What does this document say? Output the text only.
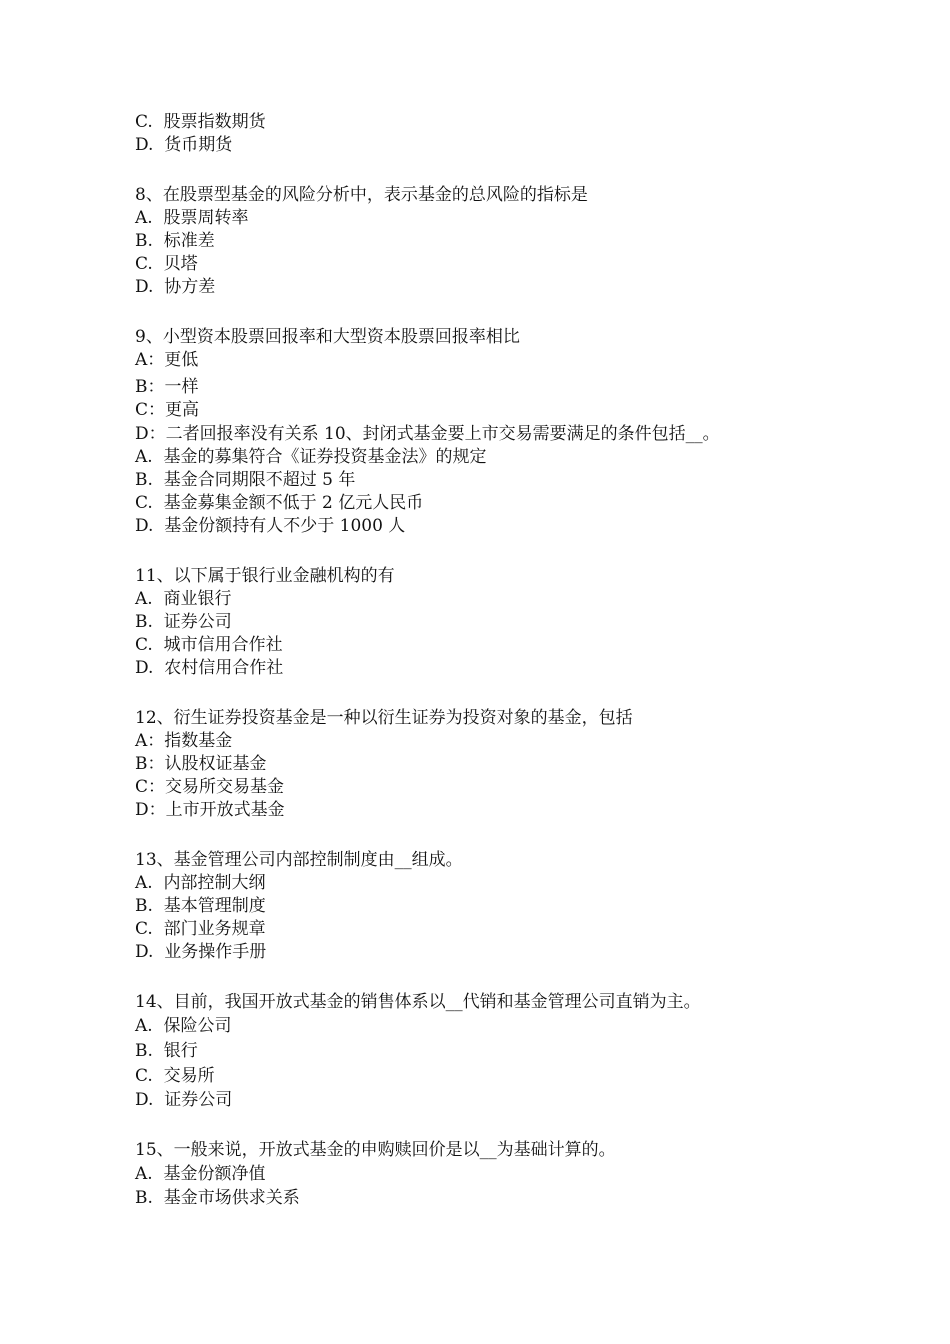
C.  股票指数期货
D.  货币期货
8、在股票型基金的风险分析中，表示基金的总风险的指标是
A.  股票周转率
B.  标准差
C.  贝塔
D.  协方差
9、小型资本股票回报率和大型资本股票回报率相比
A：更低
B：一样
C：更高
D：二者回报率没有关系 10、封闭式基金要上市交易需要满足的条件包括__。
A.  基金的募集符合《证券投资基金法》的规定
B.  基金合同期限不超过 5 年
C.  基金募集金额不低于 2 亿元人民币
D.  基金份额持有人不少于 1000 人
11、以下属于银行业金融机构的有
A.  商业银行
B.  证券公司
C.  城市信用合作社
D.  农村信用合作社
12、衍生证券投资基金是一种以衍生证券为投资对象的基金，包括
A：指数基金
B：认股权证基金
C：交易所交易基金
D：上市开放式基金
13、基金管理公司内部控制制度由__组成。
A.  内部控制大纲
B.  基本管理制度
C.  部门业务规章
D.  业务操作手册
14、目前，我国开放式基金的销售体系以__代销和基金管理公司直销为主。
A.  保险公司
B.  银行
C.  交易所
D.  证券公司
15、一般来说，开放式基金的申购赎回价是以__为基础计算的。
A.  基金份额净值
B.  基金市场供求关系
